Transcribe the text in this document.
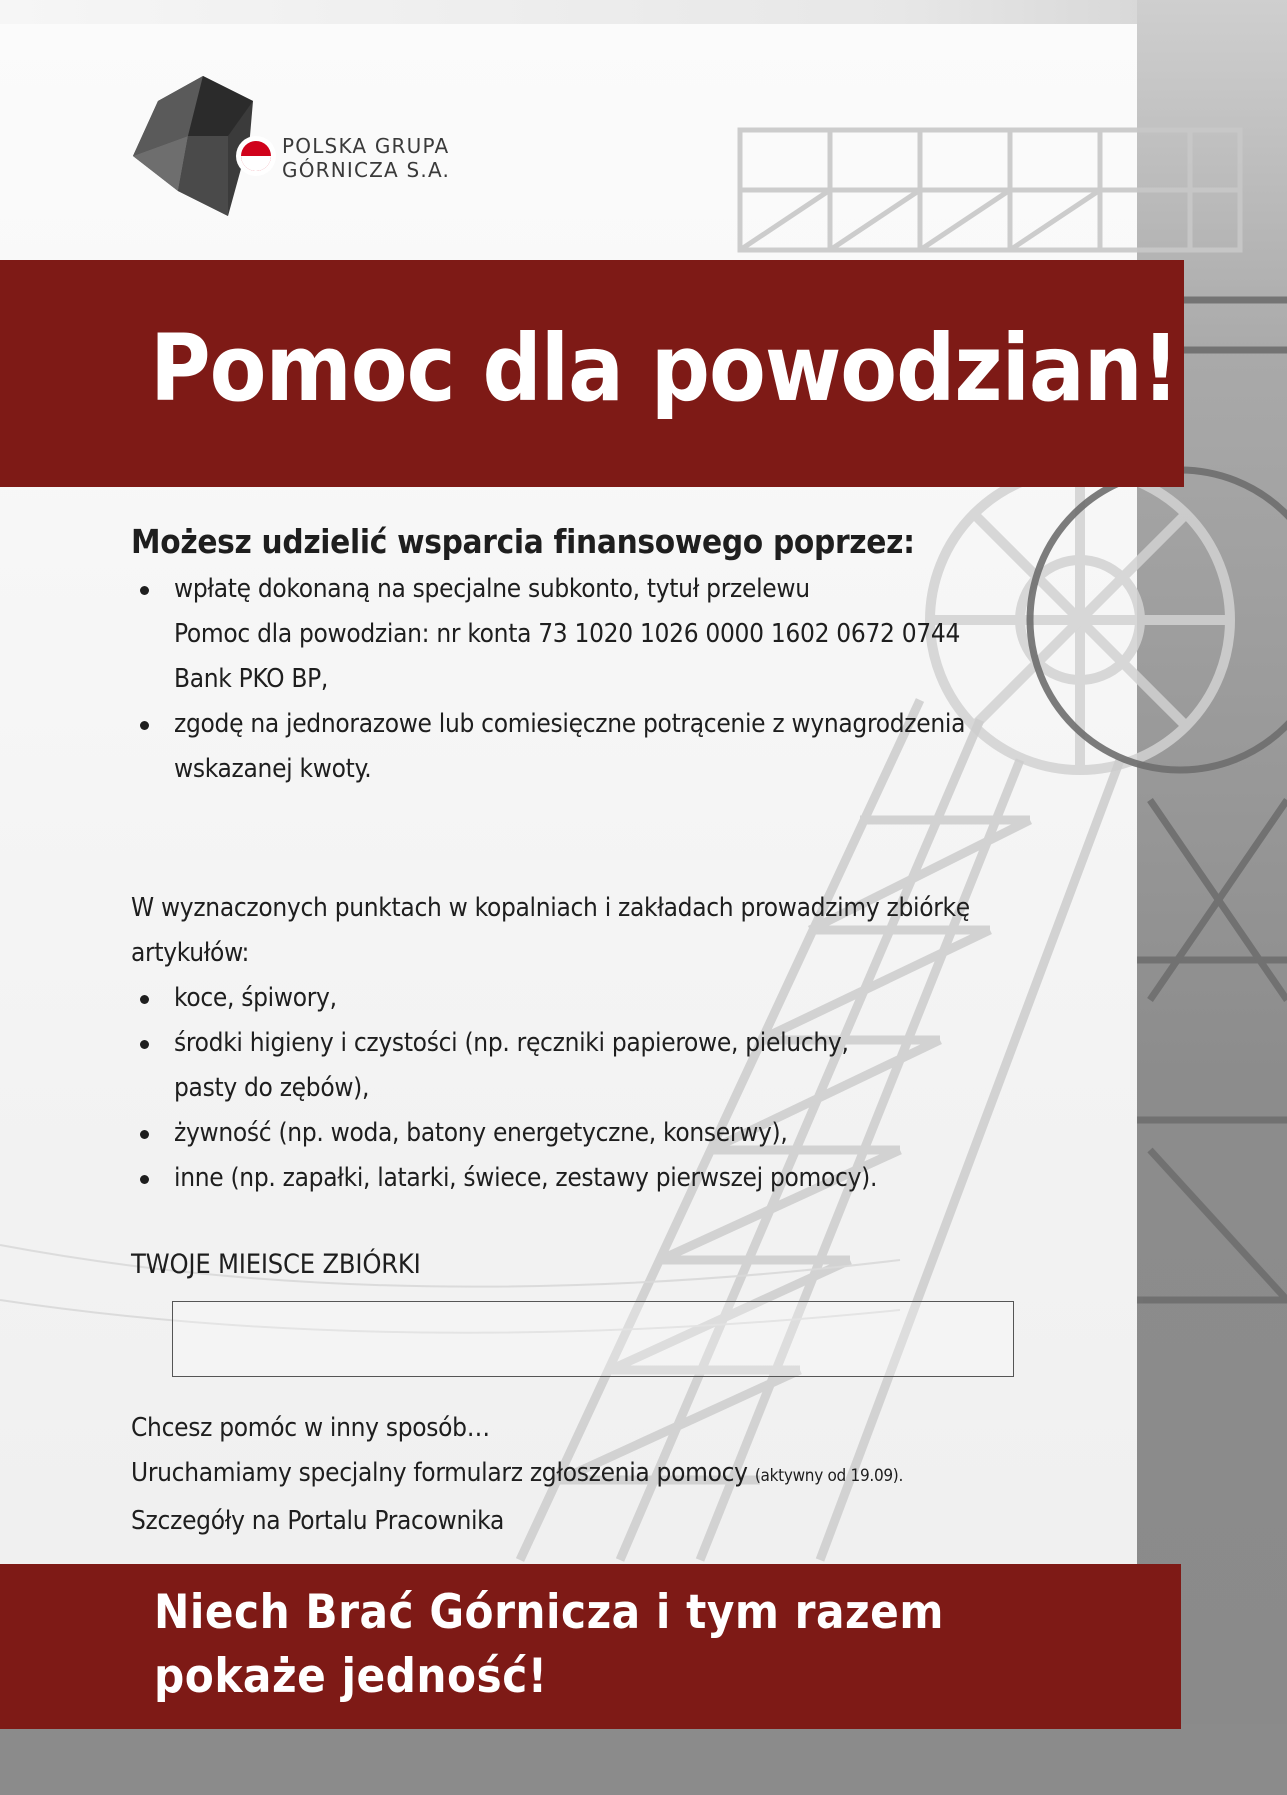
POLSKA GRUPA
GÓRNICZA S.A.
Pomoc dla powodzian!

Możesz udzielić wsparcia finansowego poprzez:

wpłatę dokonaną na specjalne subkonto, tytuł przelewu
Pomoc dla powodzian: nr konta 73 1020 1026 0000 1602 0672 0744
Bank PKO BP,
zgodę na jednorazowe lub comiesięczne potrącenie z wynagrodzenia
wskazanej kwoty.
W wyznaczonych punktach w kopalniach i zakładach prowadzimy zbiórkę
artykułów:
koce, śpiwory,
środki higieny i czystości (np. ręczniki papierowe, pieluchy,
pasty do zębów),
żywność (np. woda, batony energetyczne, konserwy),
inne (np. zapałki, latarki, świece, zestawy pierwszej pomocy).
TWOJE MIEISCE ZBIÓRKI
Chcesz pomóc w inny sposób…
Uruchamiamy specjalny formularz zgłoszenia pomocy (aktywny od 19.09).
Szczegóły na Portalu Pracownika
Niech Brać Górnicza i tym razem
pokaże jedność!
